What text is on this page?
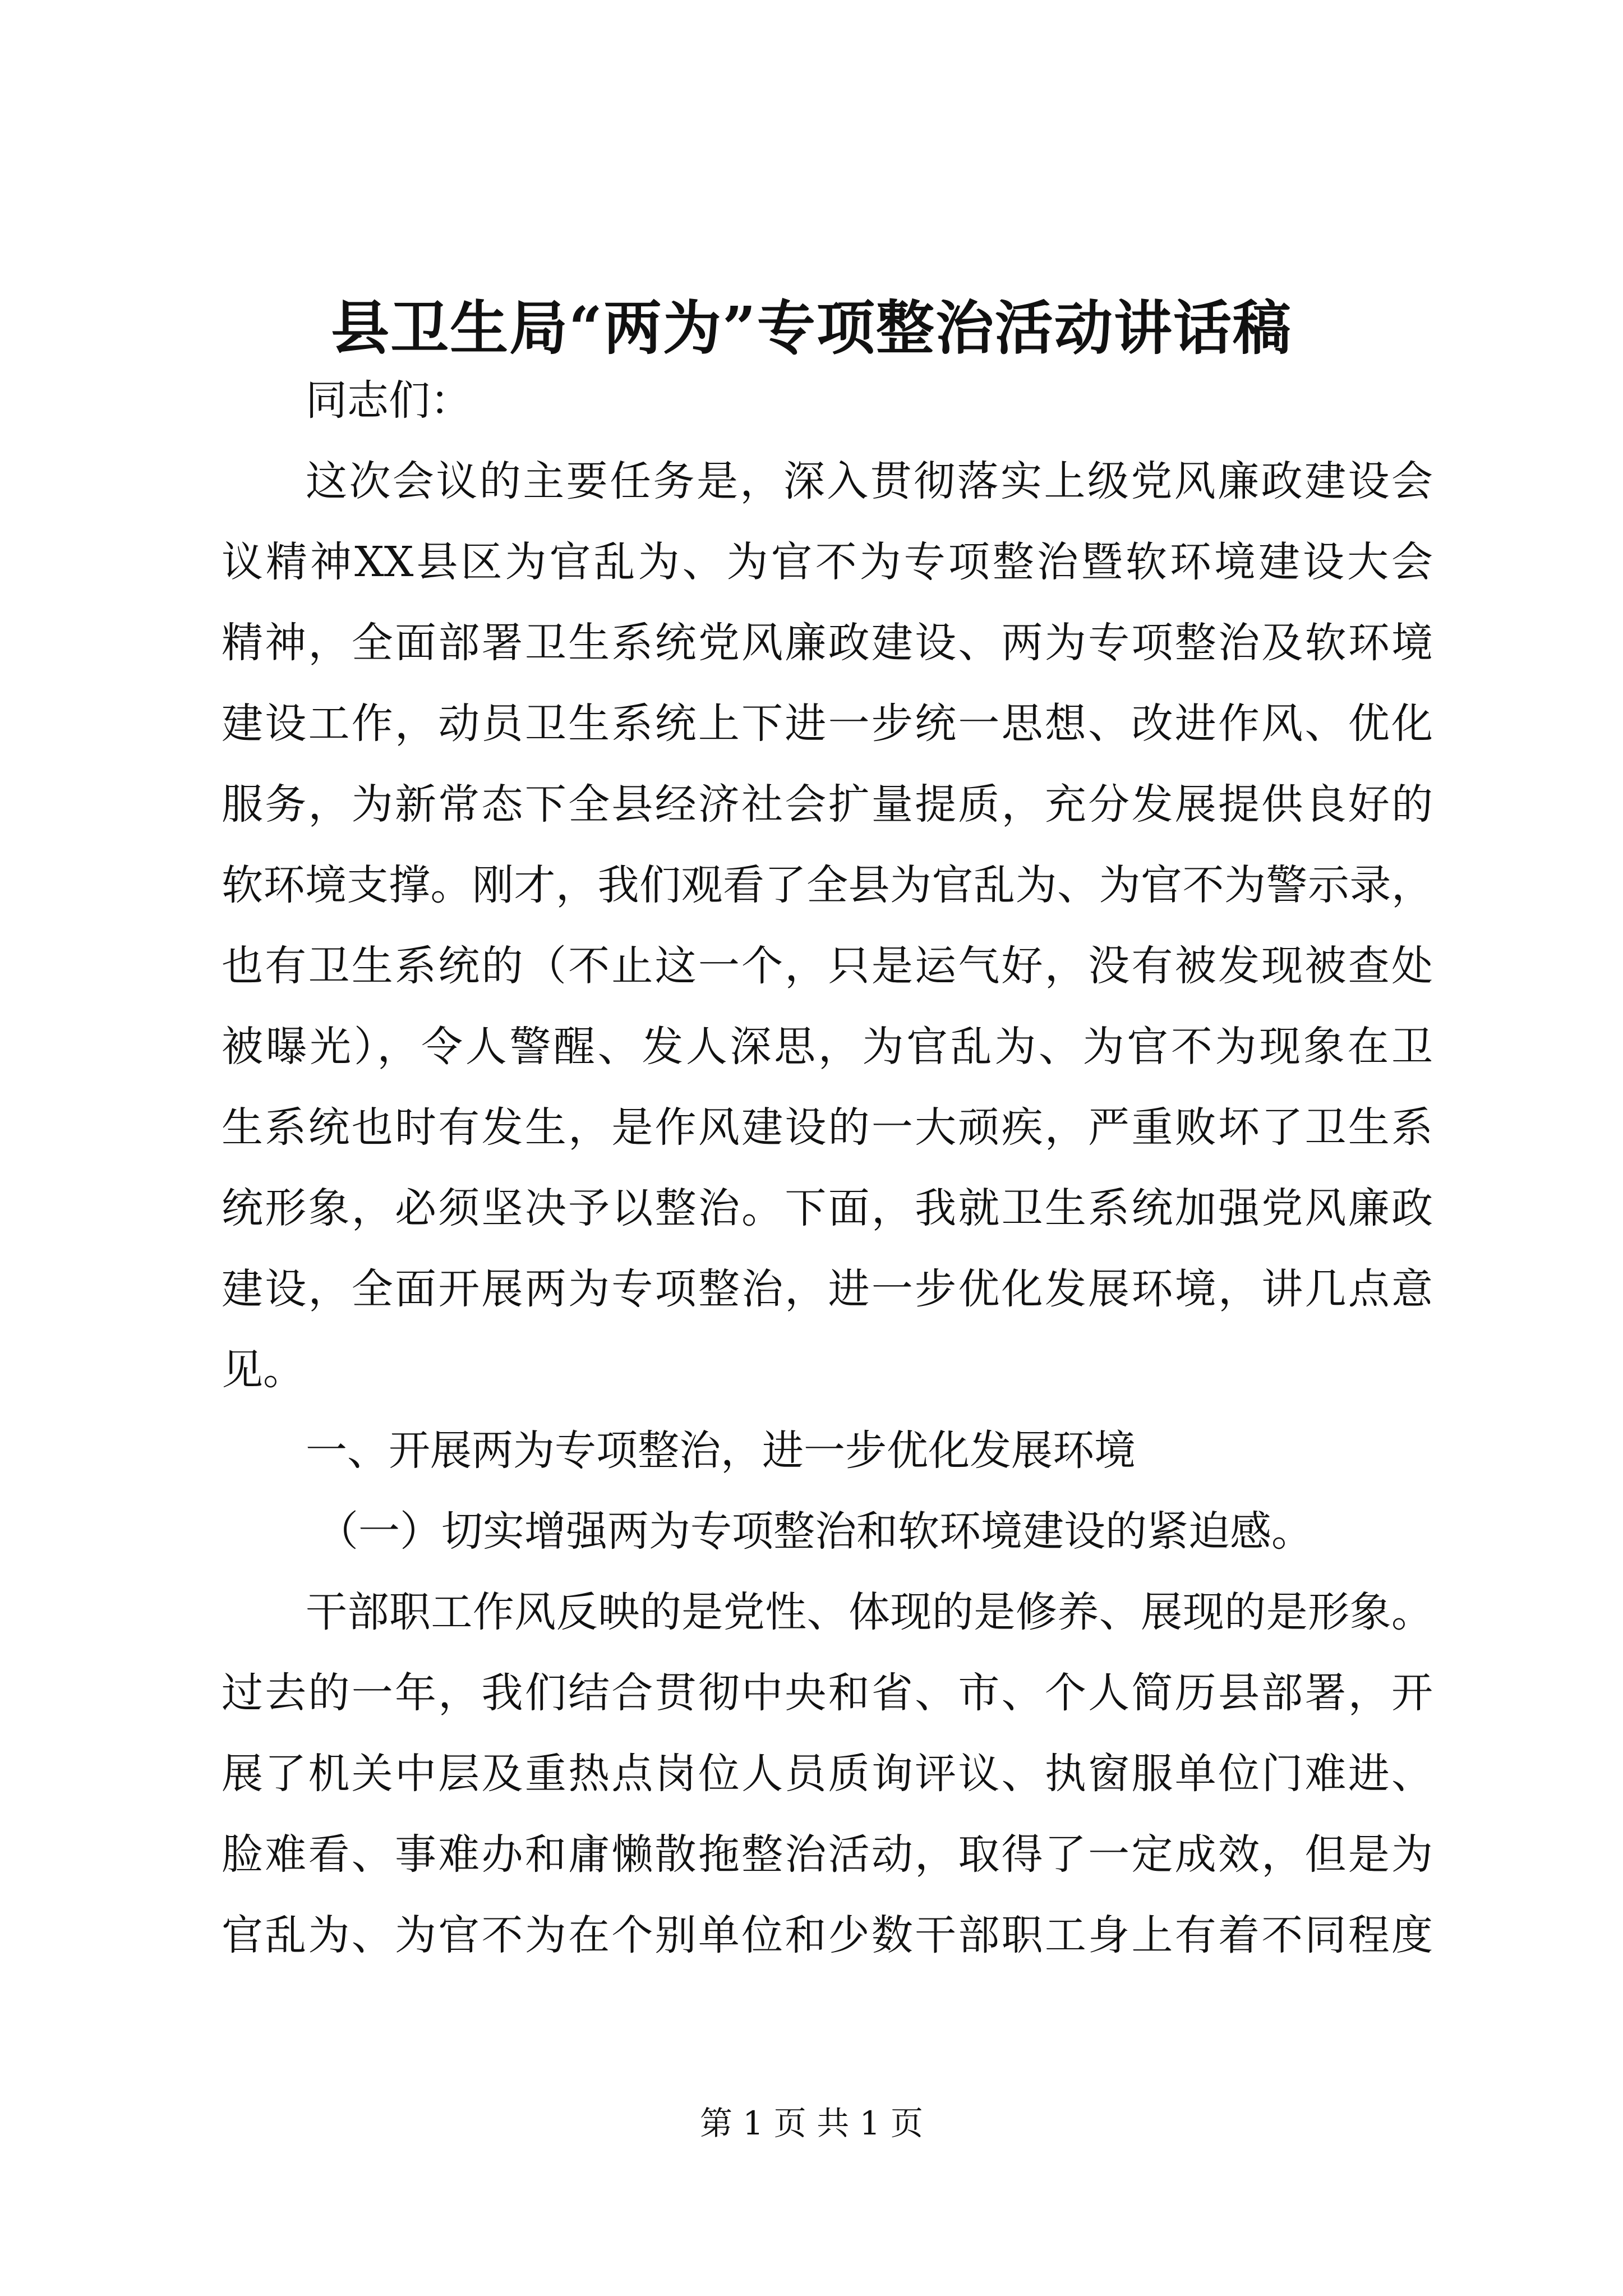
县卫生局“两为”专项整治活动讲话稿
同志们：
这次会议的主要任务是，深入贯彻落实上级党风廉政建设会
议精神XX县区为官乱为、为官不为专项整治暨软环境建设大会
精神，全面部署卫生系统党风廉政建设、两为专项整治及软环境
建设工作，动员卫生系统上下进一步统一思想、改进作风、优化
服务，为新常态下全县经济社会扩量提质，充分发展提供良好的
软环境支撑。刚才，我们观看了全县为官乱为、为官不为警示录，
也有卫生系统的（不止这一个，只是运气好，没有被发现被查处
被曝光），令人警醒、发人深思，为官乱为、为官不为现象在卫
生系统也时有发生，是作风建设的一大顽疾，严重败坏了卫生系
统形象，必须坚决予以整治。下面，我就卫生系统加强党风廉政
建设，全面开展两为专项整治，进一步优化发展环境，讲几点意
见。
一、开展两为专项整治，进一步优化发展环境
（一）切实增强两为专项整治和软环境建设的紧迫感。
干部职工作风反映的是党性、体现的是修养、展现的是形象。
过去的一年，我们结合贯彻中央和省、市、个人简历县部署，开
展了机关中层及重热点岗位人员质询评议、执窗服单位门难进、
脸难看、事难办和庸懒散拖整治活动，取得了一定成效，但是为
官乱为、为官不为在个别单位和少数干部职工身上有着不同程度
第 1 页 共 1 页
